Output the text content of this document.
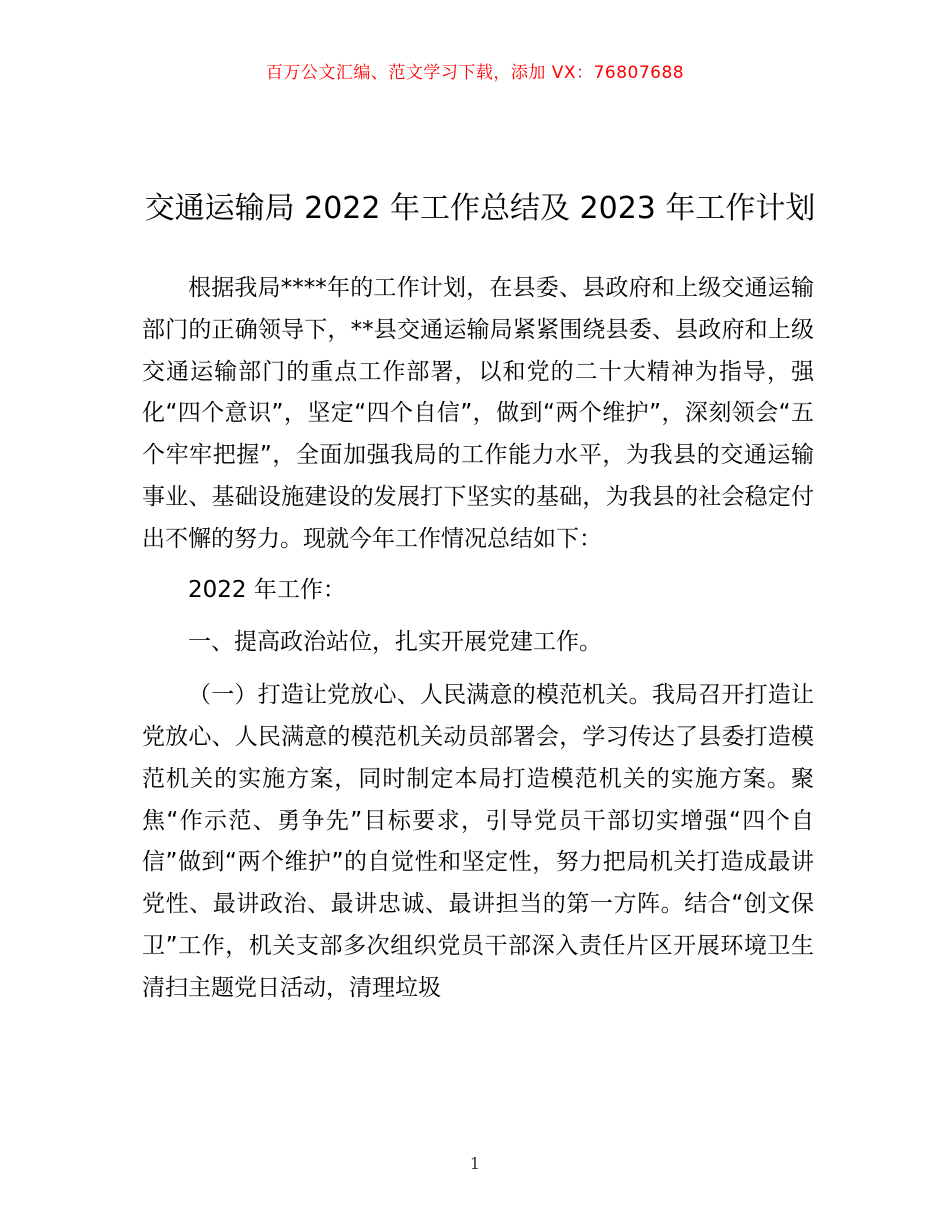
百万公文汇编、范文学习下载，添加 VX：76807688
交通运输局 2022 年工作总结及 2023 年工作计划

根据我局****年的工作计划，在县委、县政府和上级交通运输部门的正确领导下，**县交通运输局紧紧围绕县委、县政府和上级交通运输部门的重点工作部署，以和党的二十大精神为指导，强化“四个意识”，坚定“四个自信”，做到“两个维护”，深刻领会“五个牢牢把握”，全面加强我局的工作能力水平，为我县的交通运输事业、基础设施建设的发展打下坚实的基础，为我县的社会稳定付出不懈的努力。现就今年工作情况总结如下：

2022 年工作：

一、提高政治站位，扎实开展党建工作。

（一）打造让党放心、人民满意的模范机关。我局召开打造让党放心、人民满意的模范机关动员部署会，学习传达了县委打造模范机关的实施方案，同时制定本局打造模范机关的实施方案。聚焦“作示范、勇争先”目标要求，引导党员干部切实增强“四个自信”做到“两个维护”的自觉性和坚定性，努力把局机关打造成最讲党性、最讲政治、最讲忠诚、最讲担当的第一方阵。结合“创文保卫”工作，机关支部多次组织党员干部深入责任片区开展环境卫生清扫主题党日活动，清理垃圾

1
